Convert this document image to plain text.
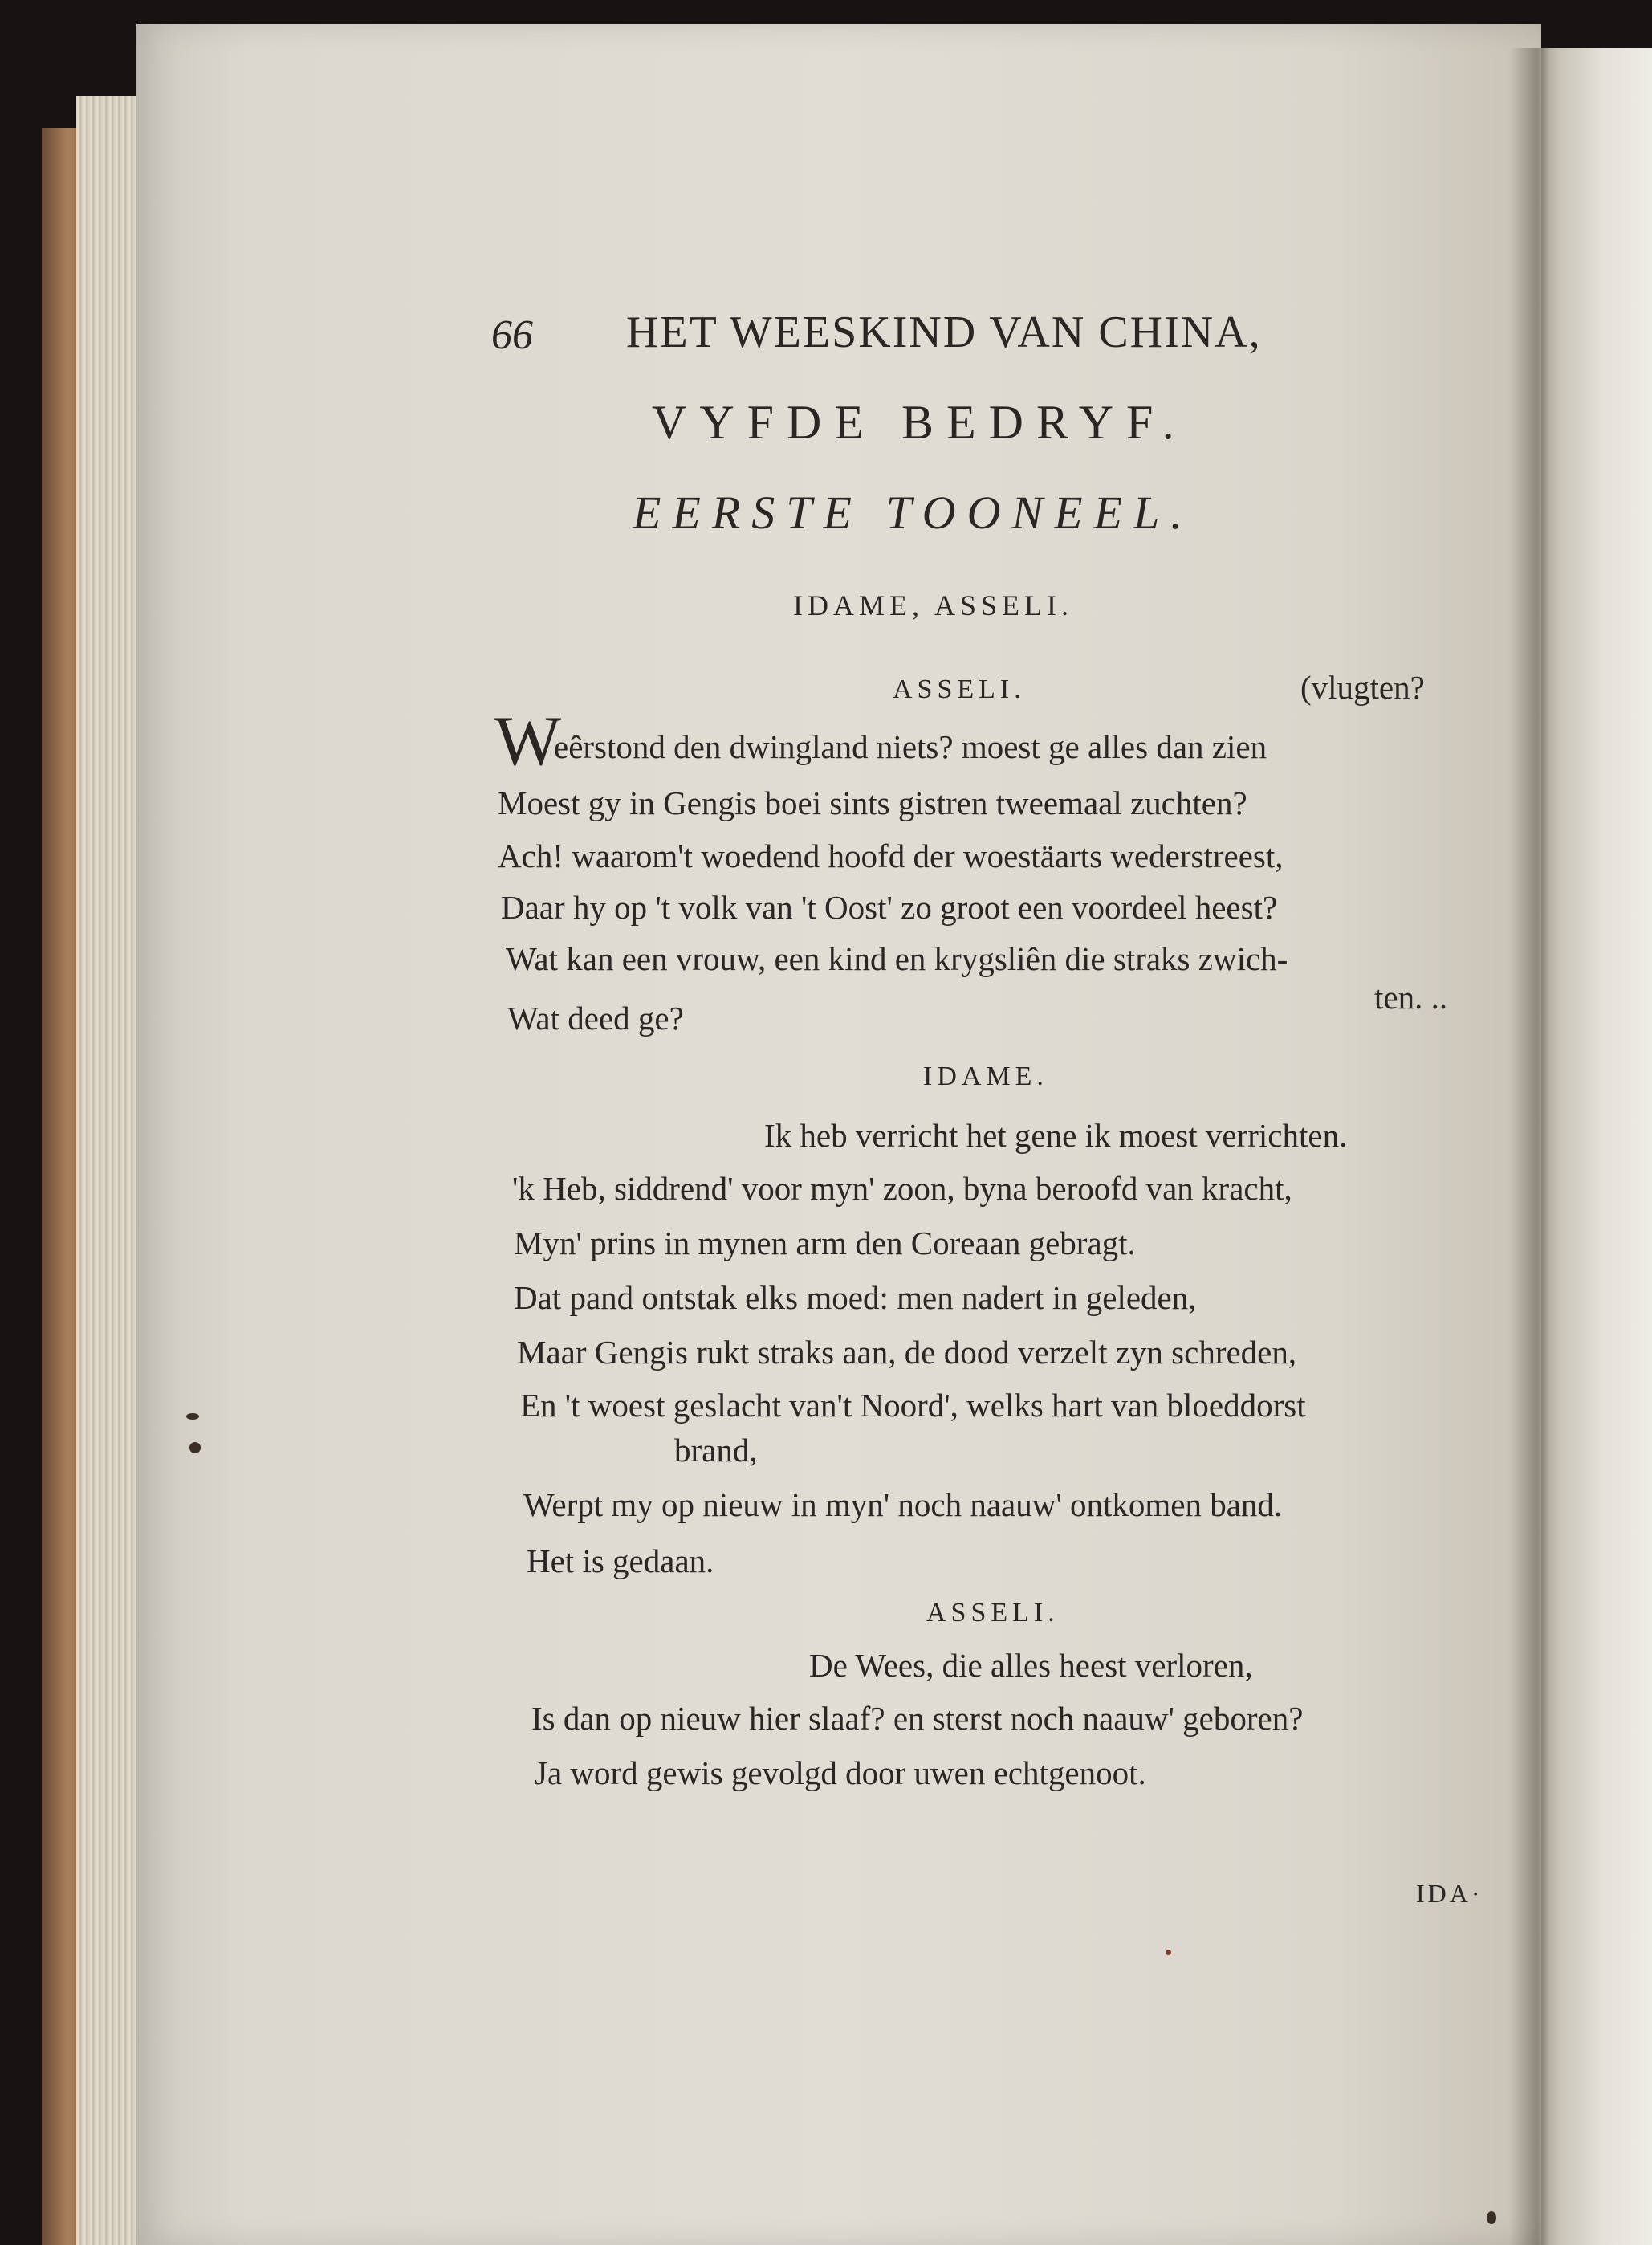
66 HET WEESKIND VAN CHINA,
VYFDE BEDRYF.
EERSTE TOONEEL.
IDAME, ASSELI.
ASSELI.	(vlugten?
W
eêrstond den dwingland niets? moest ge alles dan zien
Moest gy in Gengis boei sints gistren tweemaal zuchten?
Ach! waarom't woedend hoofd der woestäarts wederstreest,
Daar hy op 't volk van 't Oost' zo groot een voordeel heest?
Wat kan een vrouw, een kind en krygsliên die straks zwich-
ten. ..
Wat deed ge?
IDAME.
Ik heb verricht het gene ik moest verrichten.
'k Heb, siddrend' voor myn' zoon, byna beroofd van kracht,
Myn' prins in mynen arm den Coreaan gebragt.
Dat pand ontstak elks moed: men nadert in geleden,
Maar Gengis rukt straks aan, de dood verzelt zyn schreden,
En 't woest geslacht van't Noord', welks hart van bloeddorst
brand,
Werpt my op nieuw in myn' noch naauw' ontkomen band.
Het is gedaan.
ASSELI.
De Wees, die alles heest verloren,
Is dan op nieuw hier slaaf? en sterst noch naauw' geboren?
Ja word gewis gevolgd door uwen echtgenoot.
IDA·
